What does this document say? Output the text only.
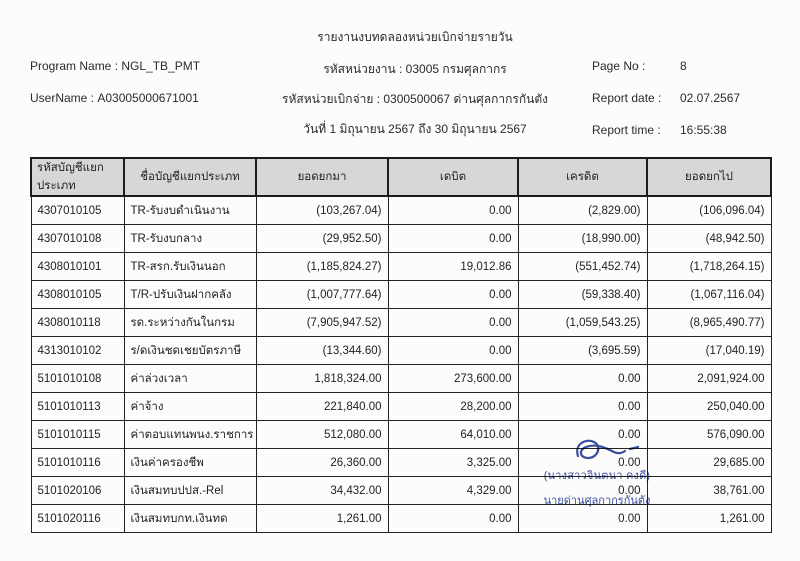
Program Name :
NGL_TB_PMT
UserName :
A03005000671001
รายงานงบทดลองหน่วยเบิกจ่ายรายวัน
รหัสหน่วยงาน : 03005 กรมศุลกากร
รหัสหน่วยเบิกจ่าย : 0300500067 ด่านศุลกากรกันตัง
วันที่ 1 มิถุนายน 2567 ถึง 30 มิถุนายน 2567
Page No :	8
Report date :	02.07.2567
Report time :	16:55:38
รหัสบัญชีแยกประเภท	ชื่อบัญชีแยกประเภท	ยอดยกมา	เดบิต	เครดิต	ยอดยกไป
4307010105	TR-รับงบดำเนินงาน	(103,267.04)	0.00	(2,829.00)	(106,096.04)
4307010108	TR-รับงบกลาง	(29,952.50)	0.00	(18,990.00)	(48,942.50)
4308010101	TR-สรก.รับเงินนอก	(1,185,824.27)	19,012.86	(551,452.74)	(1,718,264.15)
4308010105	T/R-ปรับเงินฝากคลัง	(1,007,777.64)	0.00	(59,338.40)	(1,067,116.04)
4308010118	รด.ระหว่างกันในกรม	(7,905,947.52)	0.00	(1,059,543.25)	(8,965,490.77)
4313010102	ร/ดเงินชดเชยบัตรภาษี	(13,344.60)	0.00	(3,695.59)	(17,040.19)
5101010108	ค่าล่วงเวลา	1,818,324.00	273,600.00	0.00	2,091,924.00
5101010113	ค่าจ้าง	221,840.00	28,200.00	0.00	250,040.00
5101010115	ค่าตอบแทนพนง.ราชการ	512,080.00	64,010.00	0.00	576,090.00
5101010116	เงินค่าครองชีพ	26,360.00	3,325.00	0.00	29,685.00
5101020106	เงินสมทบปปส.-Rel	34,432.00	4,329.00	0.00	38,761.00
5101020116	เงินสมทบกท.เงินทด	1,261.00	0.00	0.00	1,261.00
(นางสาวจินตนา คงดี)
นายด่านศุลกากรกันตัง
